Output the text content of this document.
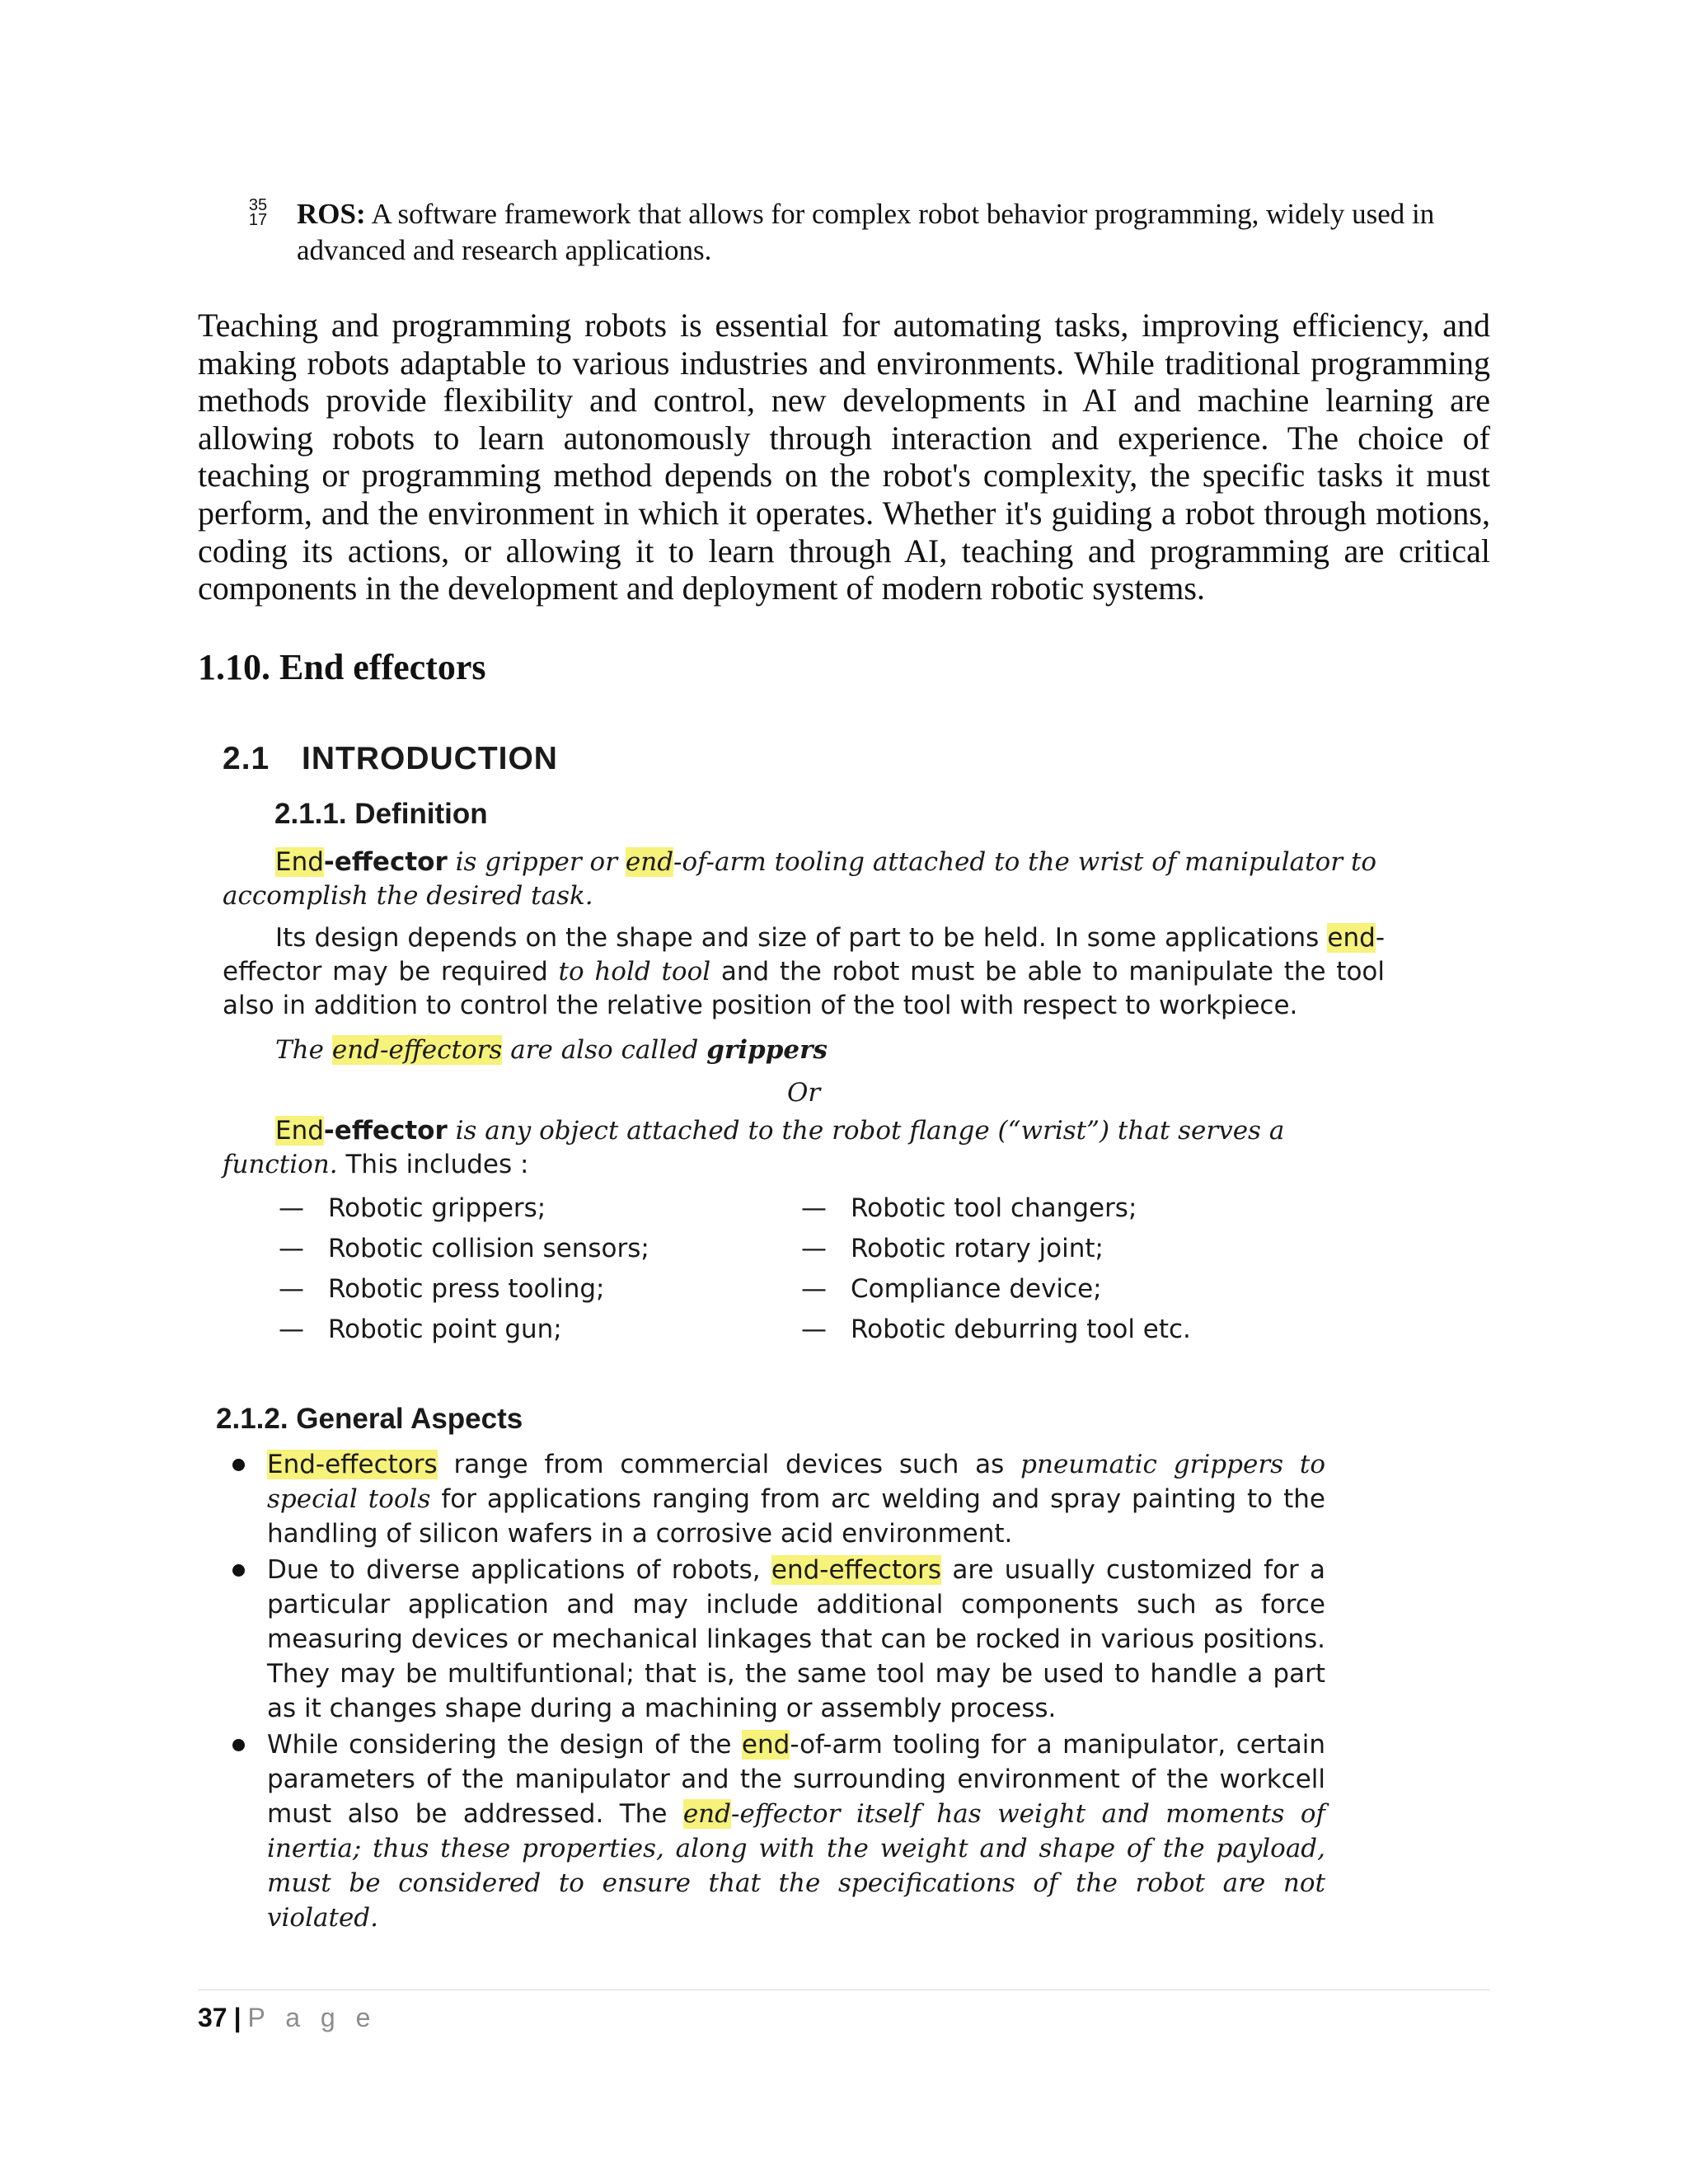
35
17 ROS: A software framework that allows for complex robot behavior programming, widely used in advanced and research applications.

Teaching and programming robots is essential for automating tasks, improving efficiency, and making robots adaptable to various industries and environments. While traditional programming methods provide flexibility and control, new developments in AI and machine learning are allowing robots to learn autonomously through interaction and experience. The choice of teaching or programming method depends on the robot's complexity, the specific tasks it must perform, and the environment in which it operates. Whether it's guiding a robot through motions, coding its actions, or allowing it to learn through AI, teaching and programming are critical components in the development and deployment of modern robotic systems.

1.10. End effectors
2.1 INTRODUCTION
2.1.1. Definition

End-effector is gripper or end-of-arm tooling attached to the wrist of manipulator to accomplish the desired task.

Its design depends on the shape and size of part to be held. In some applications end-effector may be required to hold tool and the robot must be able to manipulate the tool also in addition to control the relative position of the tool with respect to workpiece.

The end-effectors are also called grippers

Or

End-effector is any object attached to the robot flange (“wrist”) that serves a function. This includes :

— Robotic grippers;
— Robotic collision sensors;
— Robotic press tooling;
— Robotic point gun;
— Robotic tool changers;
— Robotic rotary joint;
— Compliance device;
— Robotic deburring tool etc.
2.1.2. General Aspects
End-effectors range from commercial devices such as pneumatic grippers to special tools for applications ranging from arc welding and spray painting to the handling of silicon wafers in a corrosive acid environment.
Due to diverse applications of robots, end-effectors are usually customized for a particular application and may include additional components such as force measuring devices or mechanical linkages that can be rocked in various positions. They may be multifuntional; that is, the same tool may be used to handle a part as it changes shape during a machining or assembly process.
While considering the design of the end-of-arm tooling for a manipulator, certain parameters of the manipulator and the surrounding environment of the workcell must also be addressed. The end-effector itself has weight and moments of inertia; thus these properties, along with the weight and shape of the payload, must be considered to ensure that the specifications of the robot are not violated.

37 | P a g e
